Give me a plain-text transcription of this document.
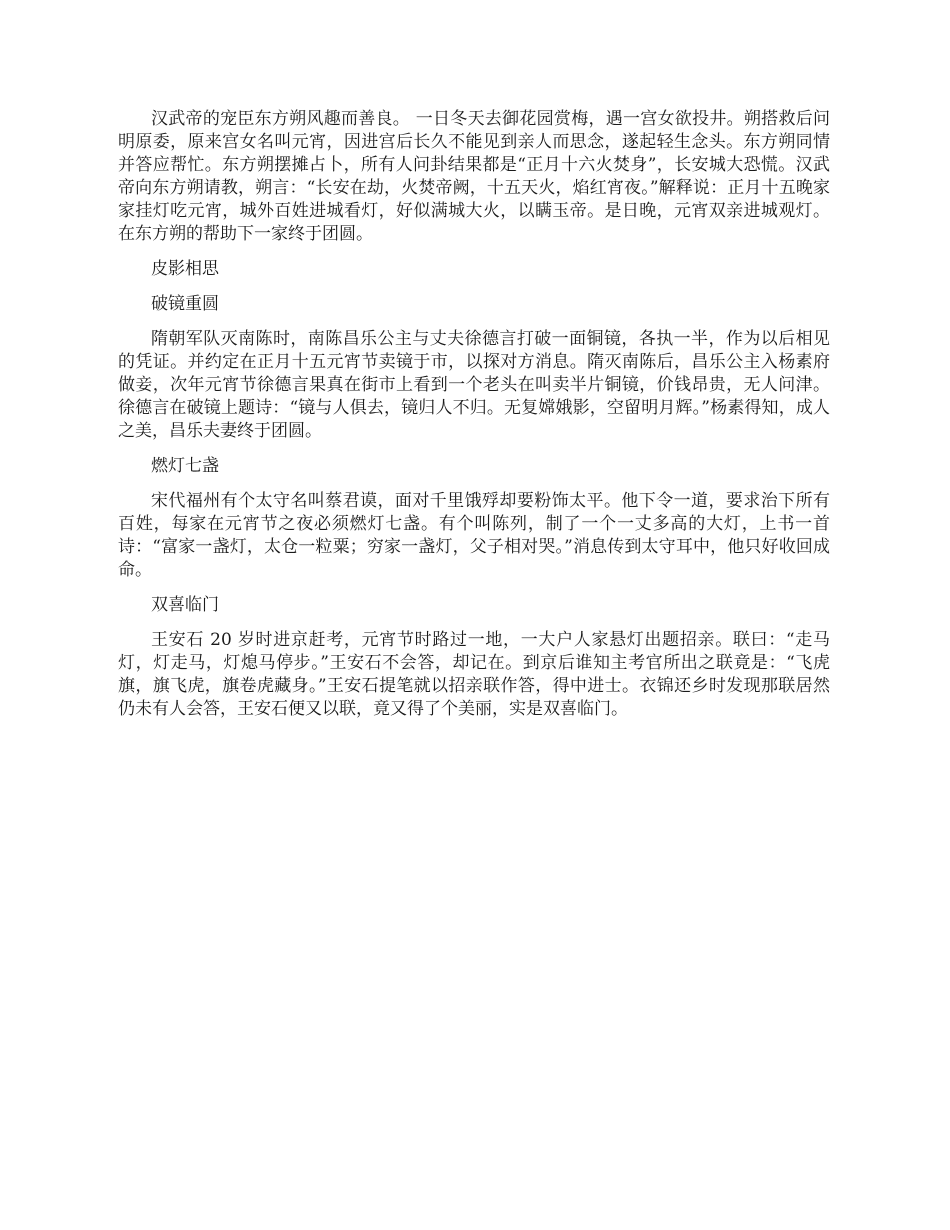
汉武帝的宠臣东方朔风趣而善良。 一日冬天去御花园赏梅，遇一宫女欲投井。朔搭救后问明原委，原来宫女名叫元宵，因进宫后长久不能见到亲人而思念，遂起轻生念头。东方朔同情并答应帮忙。东方朔摆摊占卜，所有人问卦结果都是“正月十六火焚身”，长安城大恐慌。汉武帝向东方朔请教，朔言：“长安在劫，火焚帝阙，十五天火，焰红宵夜。”解释说：正月十五晚家家挂灯吃元宵，城外百姓进城看灯，好似满城大火，以瞒玉帝。是日晚，元宵双亲进城观灯。在东方朔的帮助下一家终于团圆。

皮影相思

破镜重圆

隋朝军队灭南陈时，南陈昌乐公主与丈夫徐德言打破一面铜镜，各执一半，作为以后相见的凭证。并约定在正月十五元宵节卖镜于市，以探对方消息。隋灭南陈后，昌乐公主入杨素府做妾，次年元宵节徐德言果真在街市上看到一个老头在叫卖半片铜镜，价钱昂贵，无人问津。徐德言在破镜上题诗：“镜与人俱去，镜归人不归。无复嫦娥影，空留明月辉。”杨素得知，成人之美，昌乐夫妻终于团圆。

燃灯七盏

宋代福州有个太守名叫蔡君谟，面对千里饿殍却要粉饰太平。他下令一道，要求治下所有百姓，每家在元宵节之夜必须燃灯七盏。有个叫陈列，制了一个一丈多高的大灯，上书一首诗：“富家一盏灯，太仓一粒粟；穷家一盏灯，父子相对哭。”消息传到太守耳中，他只好收回成命。

双喜临门

王安石 20 岁时进京赶考，元宵节时路过一地，一大户人家悬灯出题招亲。联曰：“走马灯，灯走马，灯熄马停步。”王安石不会答，却记在。到京后谁知主考官所出之联竟是：“飞虎旗，旗飞虎，旗卷虎藏身。”王安石提笔就以招亲联作答，得中进士。衣锦还乡时发现那联居然仍未有人会答，王安石便又以联，竟又得了个美丽，实是双喜临门。
